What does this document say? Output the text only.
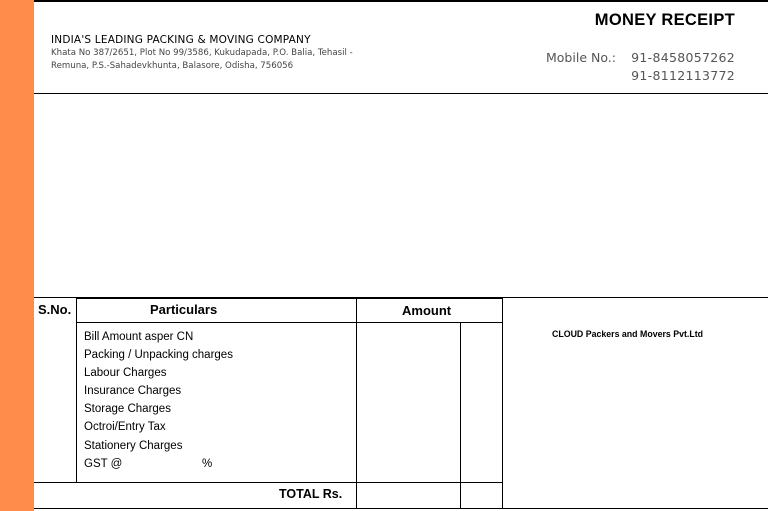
INDIA'S LEADING PACKING & MOVING COMPANY
Khata No 387/2651, Plot No 99/3586, Kukudapada, P.O. Balia, Tehasil - Remuna, P.S.-Sahadevkhunta, Balasore, Odisha, 756056
MONEY RECEIPT
Mobile No.: 91-8458057262
91-8112113772
S.No.	Particulars	Amount
Bill Amount asper CN
Packing / Unpacking charges
Labour Charges
Insurance Charges
Storage Charges
Octroi/Entry Tax
Stationery Charges
GST @	%
CLOUD Packers and Movers Pvt.Ltd
TOTAL Rs.
